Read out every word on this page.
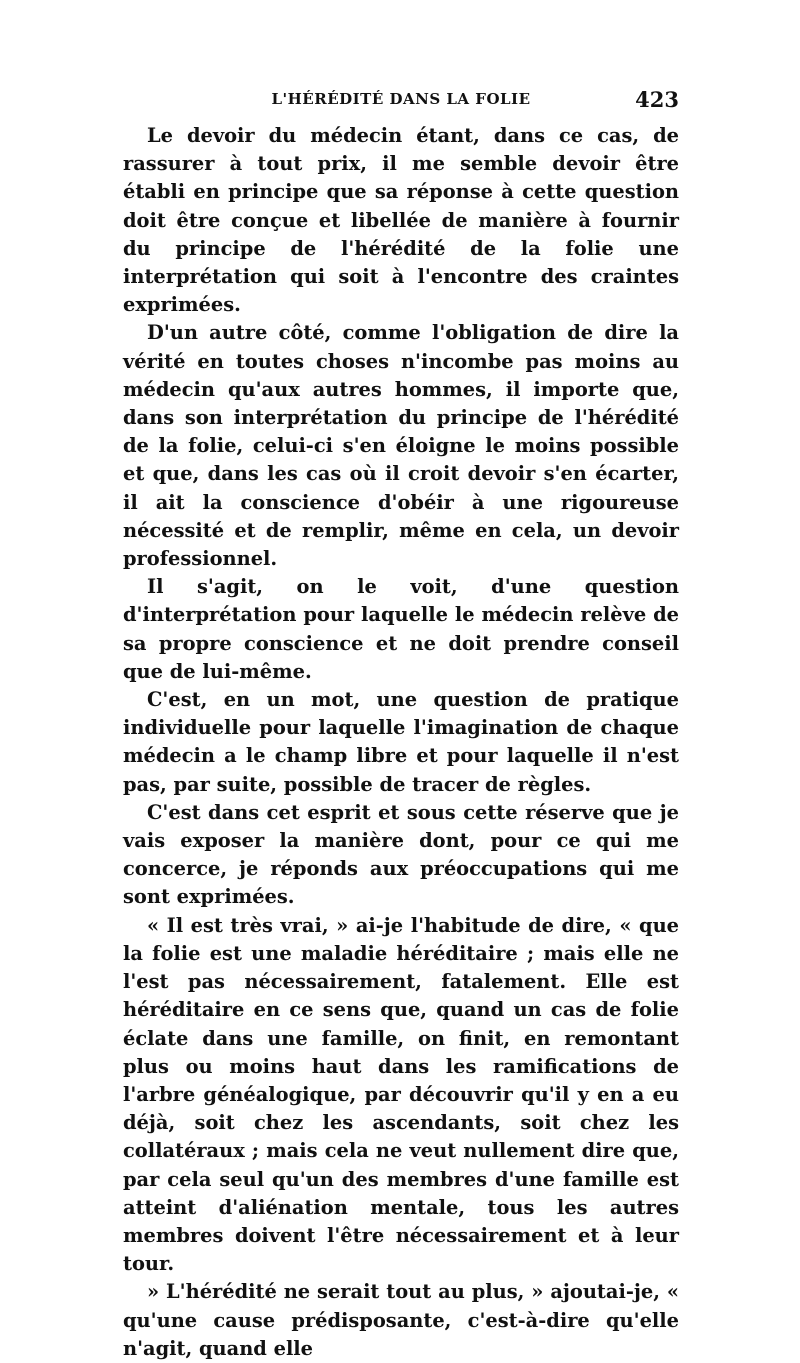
L'HÉRÉDITÉ DANS LA FOLIE	423

Le devoir du médecin étant, dans ce cas, de rassurer à tout prix, il me semble devoir être établi en principe que sa réponse à cette question doit être conçue et libellée de manière à fournir du principe de l'hérédité de la folie une interprétation qui soit à l'encontre des craintes exprimées.

D'un autre côté, comme l'obligation de dire la vérité en toutes choses n'incombe pas moins au médecin qu'aux autres hommes, il importe que, dans son interprétation du principe de l'hérédité de la folie, celui-ci s'en éloigne le moins possible et que, dans les cas où il croit devoir s'en écarter, il ait la conscience d'obéir à une rigoureuse nécessité et de remplir, même en cela, un devoir professionnel.

Il s'agit, on le voit, d'une question d'interprétation pour laquelle le médecin relève de sa propre conscience et ne doit prendre conseil que de lui-même.

C'est, en un mot, une question de pratique individuelle pour laquelle l'imagination de chaque médecin a le champ libre et pour laquelle il n'est pas, par suite, possible de tracer de règles.

C'est dans cet esprit et sous cette réserve que je vais exposer la manière dont, pour ce qui me concerce, je réponds aux préoccupations qui me sont exprimées.

« Il est très vrai, » ai-je l'habitude de dire, « que la folie est une maladie héréditaire ; mais elle ne l'est pas nécessairement, fatalement. Elle est héréditaire en ce sens que, quand un cas de folie éclate dans une famille, on finit, en remontant plus ou moins haut dans les ramifications de l'arbre généalogique, par découvrir qu'il y en a eu déjà, soit chez les ascendants, soit chez les collatéraux ; mais cela ne veut nullement dire que, par cela seul qu'un des membres d'une famille est atteint d'aliénation mentale, tous les autres membres doivent l'être nécessairement et à leur tour.

» L'hérédité ne serait tout au plus, » ajoutai-je, « qu'une cause prédisposante, c'est-à-dire qu'elle n'agit, quand elle
